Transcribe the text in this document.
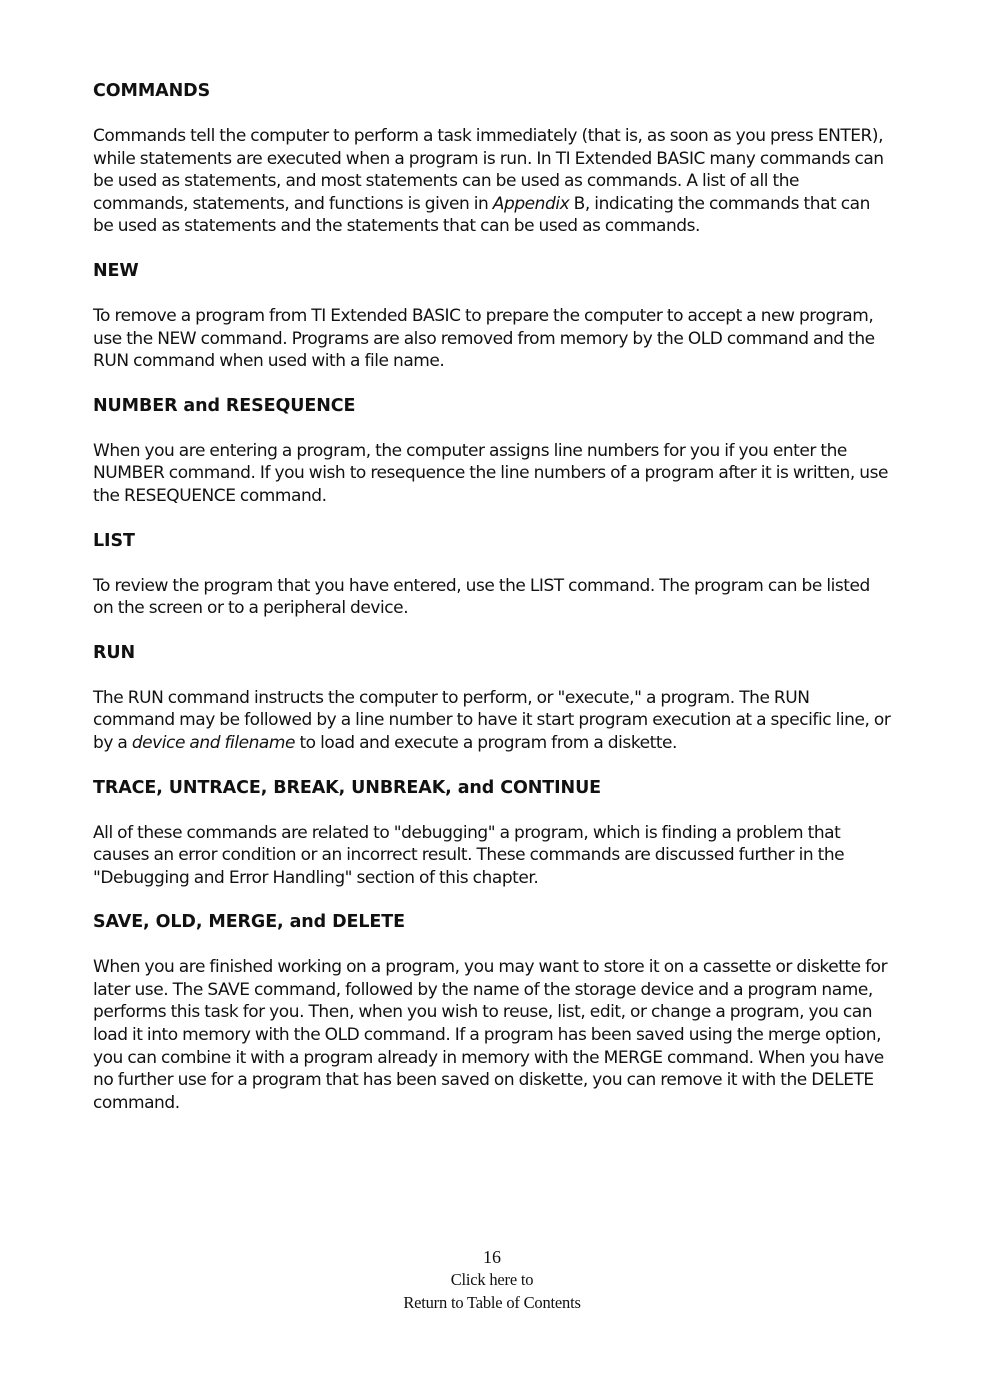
COMMANDS

Commands tell the computer to perform a task immediately (that is, as soon as you press ENTER), while statements are executed when a program is run. In TI Extended BASIC many commands can be used as statements, and most statements can be used as commands. A list of all the commands, statements, and functions is given in Appendix B, indicating the commands that can be used as statements and the statements that can be used as commands.

NEW

To remove a program from TI Extended BASIC to prepare the computer to accept a new program, use the NEW command. Programs are also removed from memory by the OLD command and the RUN command when used with a file name.

NUMBER and RESEQUENCE

When you are entering a program, the computer assigns line numbers for you if you enter the NUMBER command. If you wish to resequence the line numbers of a program after it is written, use the RESEQUENCE command.

LIST

To review the program that you have entered, use the LIST command. The program can be listed on the screen or to a peripheral device.

RUN

The RUN command instructs the computer to perform, or "execute," a program. The RUN command may be followed by a line number to have it start program execution at a specific line, or by a device and filename to load and execute a program from a diskette.

TRACE, UNTRACE, BREAK, UNBREAK, and CONTINUE

All of these commands are related to "debugging" a program, which is finding a problem that causes an error condition or an incorrect result. These commands are discussed further in the "Debugging and Error Handling" section of this chapter.

SAVE, OLD, MERGE, and DELETE

When you are finished working on a program, you may want to store it on a cassette or diskette for later use. The SAVE command, followed by the name of the storage device and a program name, performs this task for you. Then, when you wish to reuse, list, edit, or change a program, you can load it into memory with the OLD command. If a program has been saved using the merge option, you can combine it with a program already in memory with the MERGE command. When you have no further use for a program that has been saved on diskette, you can remove it with the DELETE command.

16
Click here to
Return to Table of Contents
